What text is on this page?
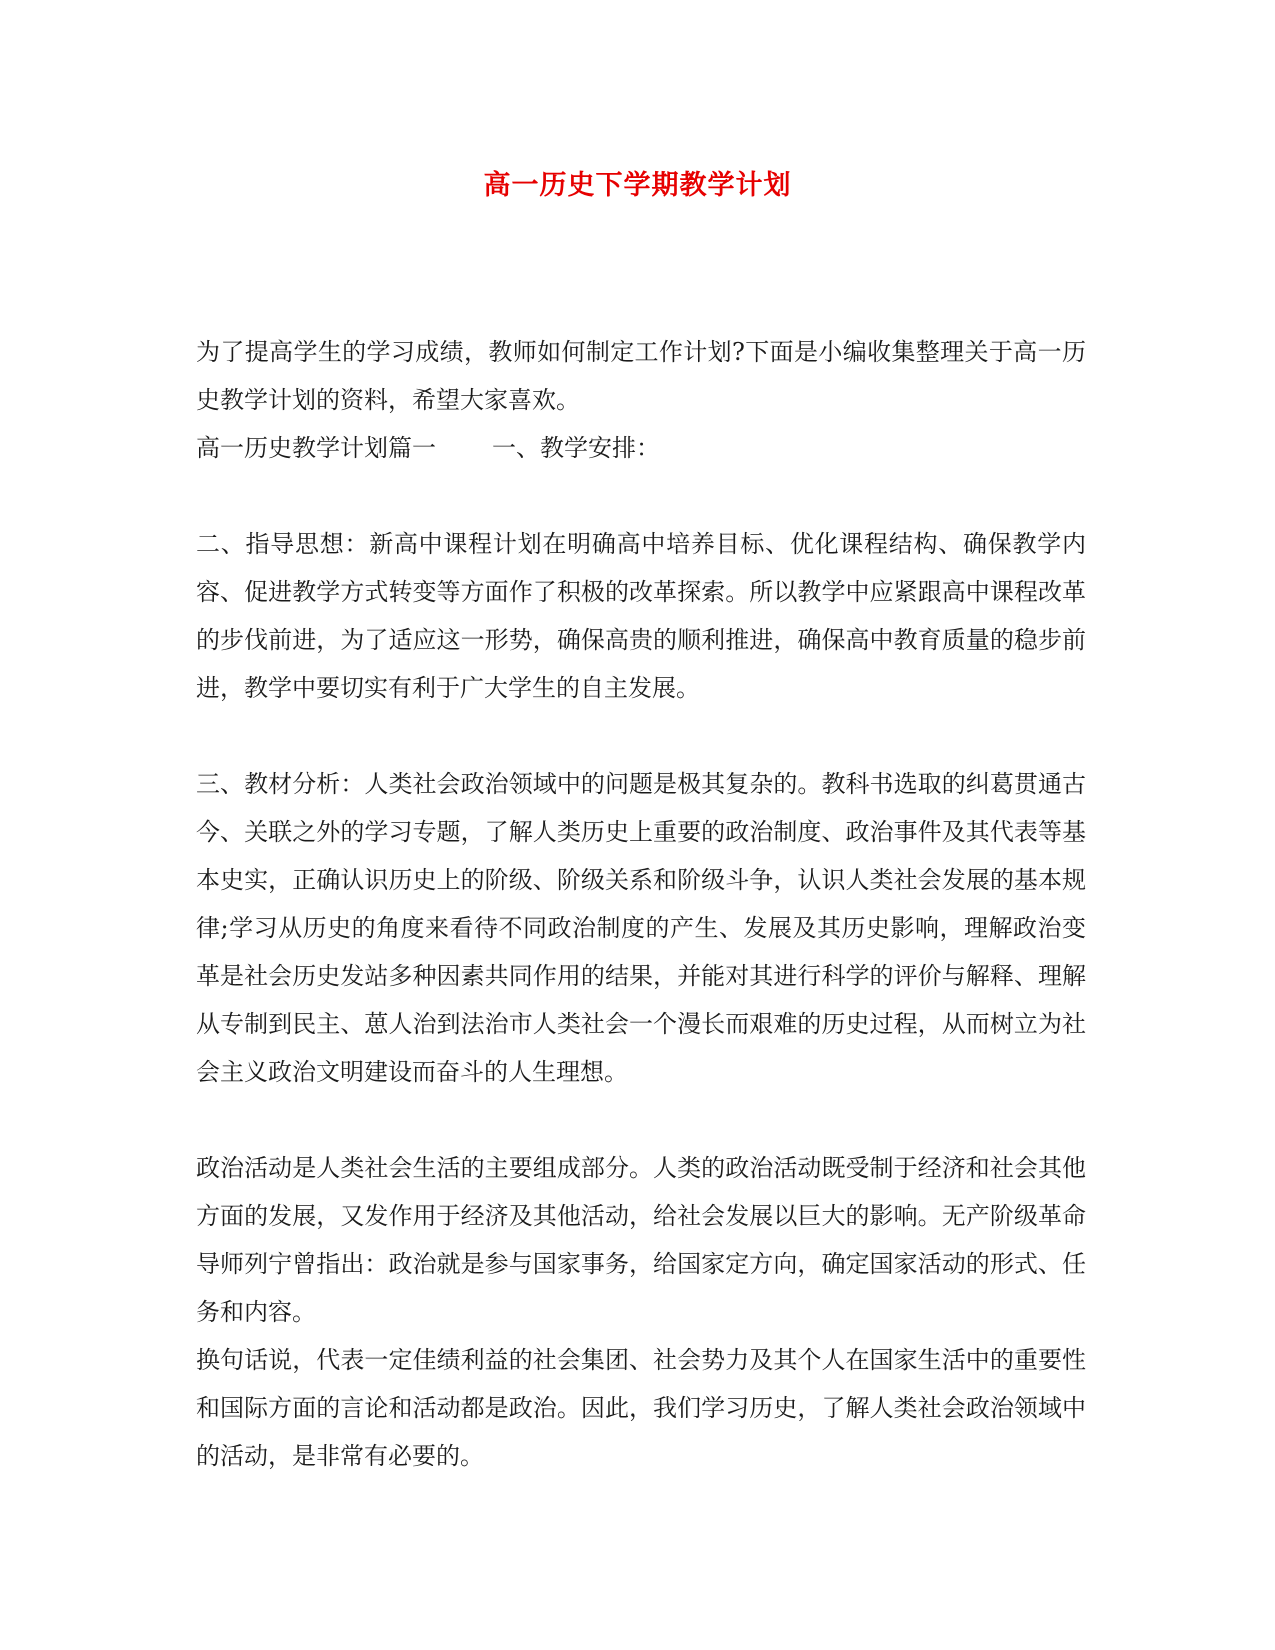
高一历史下学期教学计划

为了提高学生的学习成绩，教师如何制定工作计划?下面是小编收集整理关于高一历史教学计划的资料，希望大家喜欢。

高一历史教学计划篇一 一、教学安排：

二、指导思想：新高中课程计划在明确高中培养目标、优化课程结构、确保教学内容、促进教学方式转变等方面作了积极的改革探索。所以教学中应紧跟高中课程改革的步伐前进，为了适应这一形势，确保高贵的顺利推进，确保高中教育质量的稳步前进，教学中要切实有利于广大学生的自主发展。

三、教材分析：人类社会政治领域中的问题是极其复杂的。教科书选取的纠葛贯通古今、关联之外的学习专题，了解人类历史上重要的政治制度、政治事件及其代表等基本史实，正确认识历史上的阶级、阶级关系和阶级斗争，认识人类社会发展的基本规律;学习从历史的角度来看待不同政治制度的产生、发展及其历史影响，理解政治变革是社会历史发站多种因素共同作用的结果，并能对其进行科学的评价与解释、理解从专制到民主、葸人治到法治市人类社会一个漫长而艰难的历史过程，从而树立为社会主义政治文明建设而奋斗的人生理想。

政治活动是人类社会生活的主要组成部分。人类的政治活动既受制于经济和社会其他方面的发展，又发作用于经济及其他活动，给社会发展以巨大的影响。无产阶级革命导师列宁曾指出：政治就是参与国家事务，给国家定方向，确定国家活动的形式、任务和内容。

换句话说，代表一定佳绩利益的社会集团、社会势力及其个人在国家生活中的重要性和国际方面的言论和活动都是政治。因此，我们学习历史，了解人类社会政治领域中的活动，是非常有必要的。
